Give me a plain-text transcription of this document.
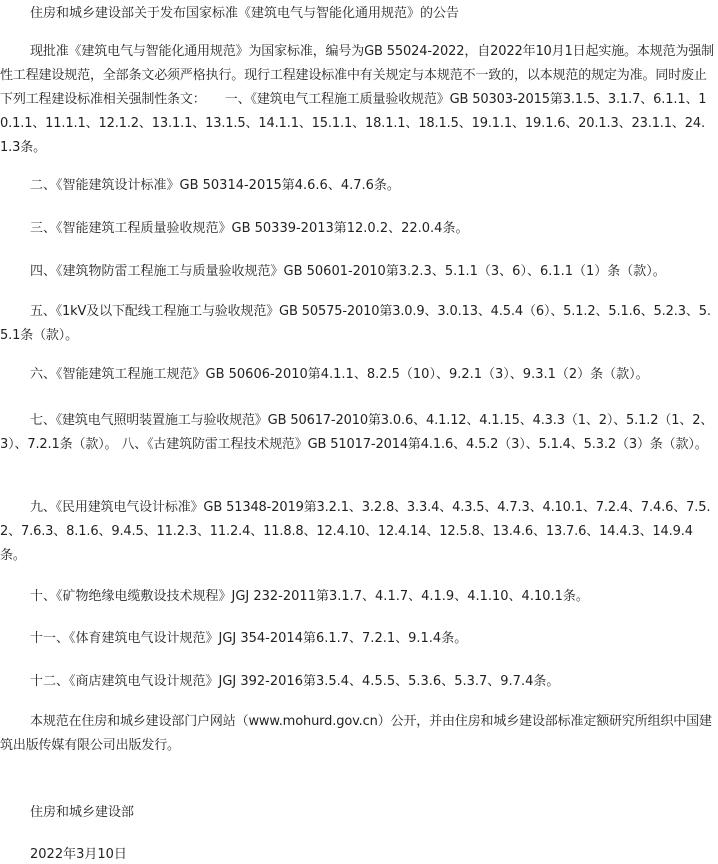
住房和城乡建设部关于发布国家标准《建筑电气与智能化通用规范》的公告
现批准《建筑电气与智能化通用规范》为国家标准，编号为GB 55024-2022，自2022年10月1日起实施。本规范为强制性工程建设规范，全部条文必须严格执行。现行工程建设标准中有关规定与本规范不一致的，以本规范的规定为准。同时废止下列工程建设标准相关强制性条文：　　一、《建筑电气工程施工质量验收规范》GB 50303-2015第3.1.5、3.1.7、6.1.1、10.1.1、11.1.1、12.1.2、13.1.1、13.1.5、14.1.1、15.1.1、18.1.1、18.1.5、19.1.1、19.1.6、20.1.3、23.1.1、24.1.3条。
二、《智能建筑设计标准》GB 50314-2015第4.6.6、4.7.6条。
三、《智能建筑工程质量验收规范》GB 50339-2013第12.0.2、22.0.4条。
四、《建筑物防雷工程施工与质量验收规范》GB 50601-2010第3.2.3、5.1.1（3、6）、6.1.1（1）条（款）。
五、《1kV及以下配线工程施工与验收规范》GB 50575-2010第3.0.9、3.0.13、4.5.4（6）、5.1.2、5.1.6、5.2.3、5.5.1条（款）。
六、《智能建筑工程施工规范》GB 50606-2010第4.1.1、8.2.5（10）、9.2.1（3）、9.3.1（2）条（款）。
七、《建筑电气照明装置施工与验收规范》GB 50617-2010第3.0.6、4.1.12、4.1.15、4.3.3（1、2）、5.1.2（1、2、3）、7.2.1条（款）。 八、《古建筑防雷工程技术规范》GB 51017-2014第4.1.6、4.5.2（3）、5.1.4、5.3.2（3）条（款）。
九、《民用建筑电气设计标准》GB 51348-2019第3.2.1、3.2.8、3.3.4、4.3.5、4.7.3、4.10.1、7.2.4、7.4.6、7.5.2、7.6.3、8.1.6、9.4.5、11.2.3、11.2.4、11.8.8、12.4.10、12.4.14、12.5.8、13.4.6、13.7.6、14.4.3、14.9.4条。
十、《矿物绝缘电缆敷设技术规程》JGJ 232-2011第3.1.7、4.1.7、4.1.9、4.1.10、4.10.1条。
十一、《体育建筑电气设计规范》JGJ 354-2014第6.1.7、7.2.1、9.1.4条。
十二、《商店建筑电气设计规范》JGJ 392-2016第3.5.4、4.5.5、5.3.6、5.3.7、9.7.4条。
本规范在住房和城乡建设部门户网站（www.mohurd.gov.cn）公开，并由住房和城乡建设部标准定额研究所组织中国建筑出版传媒有限公司出版发行。
住房和城乡建设部
2022年3月10日
